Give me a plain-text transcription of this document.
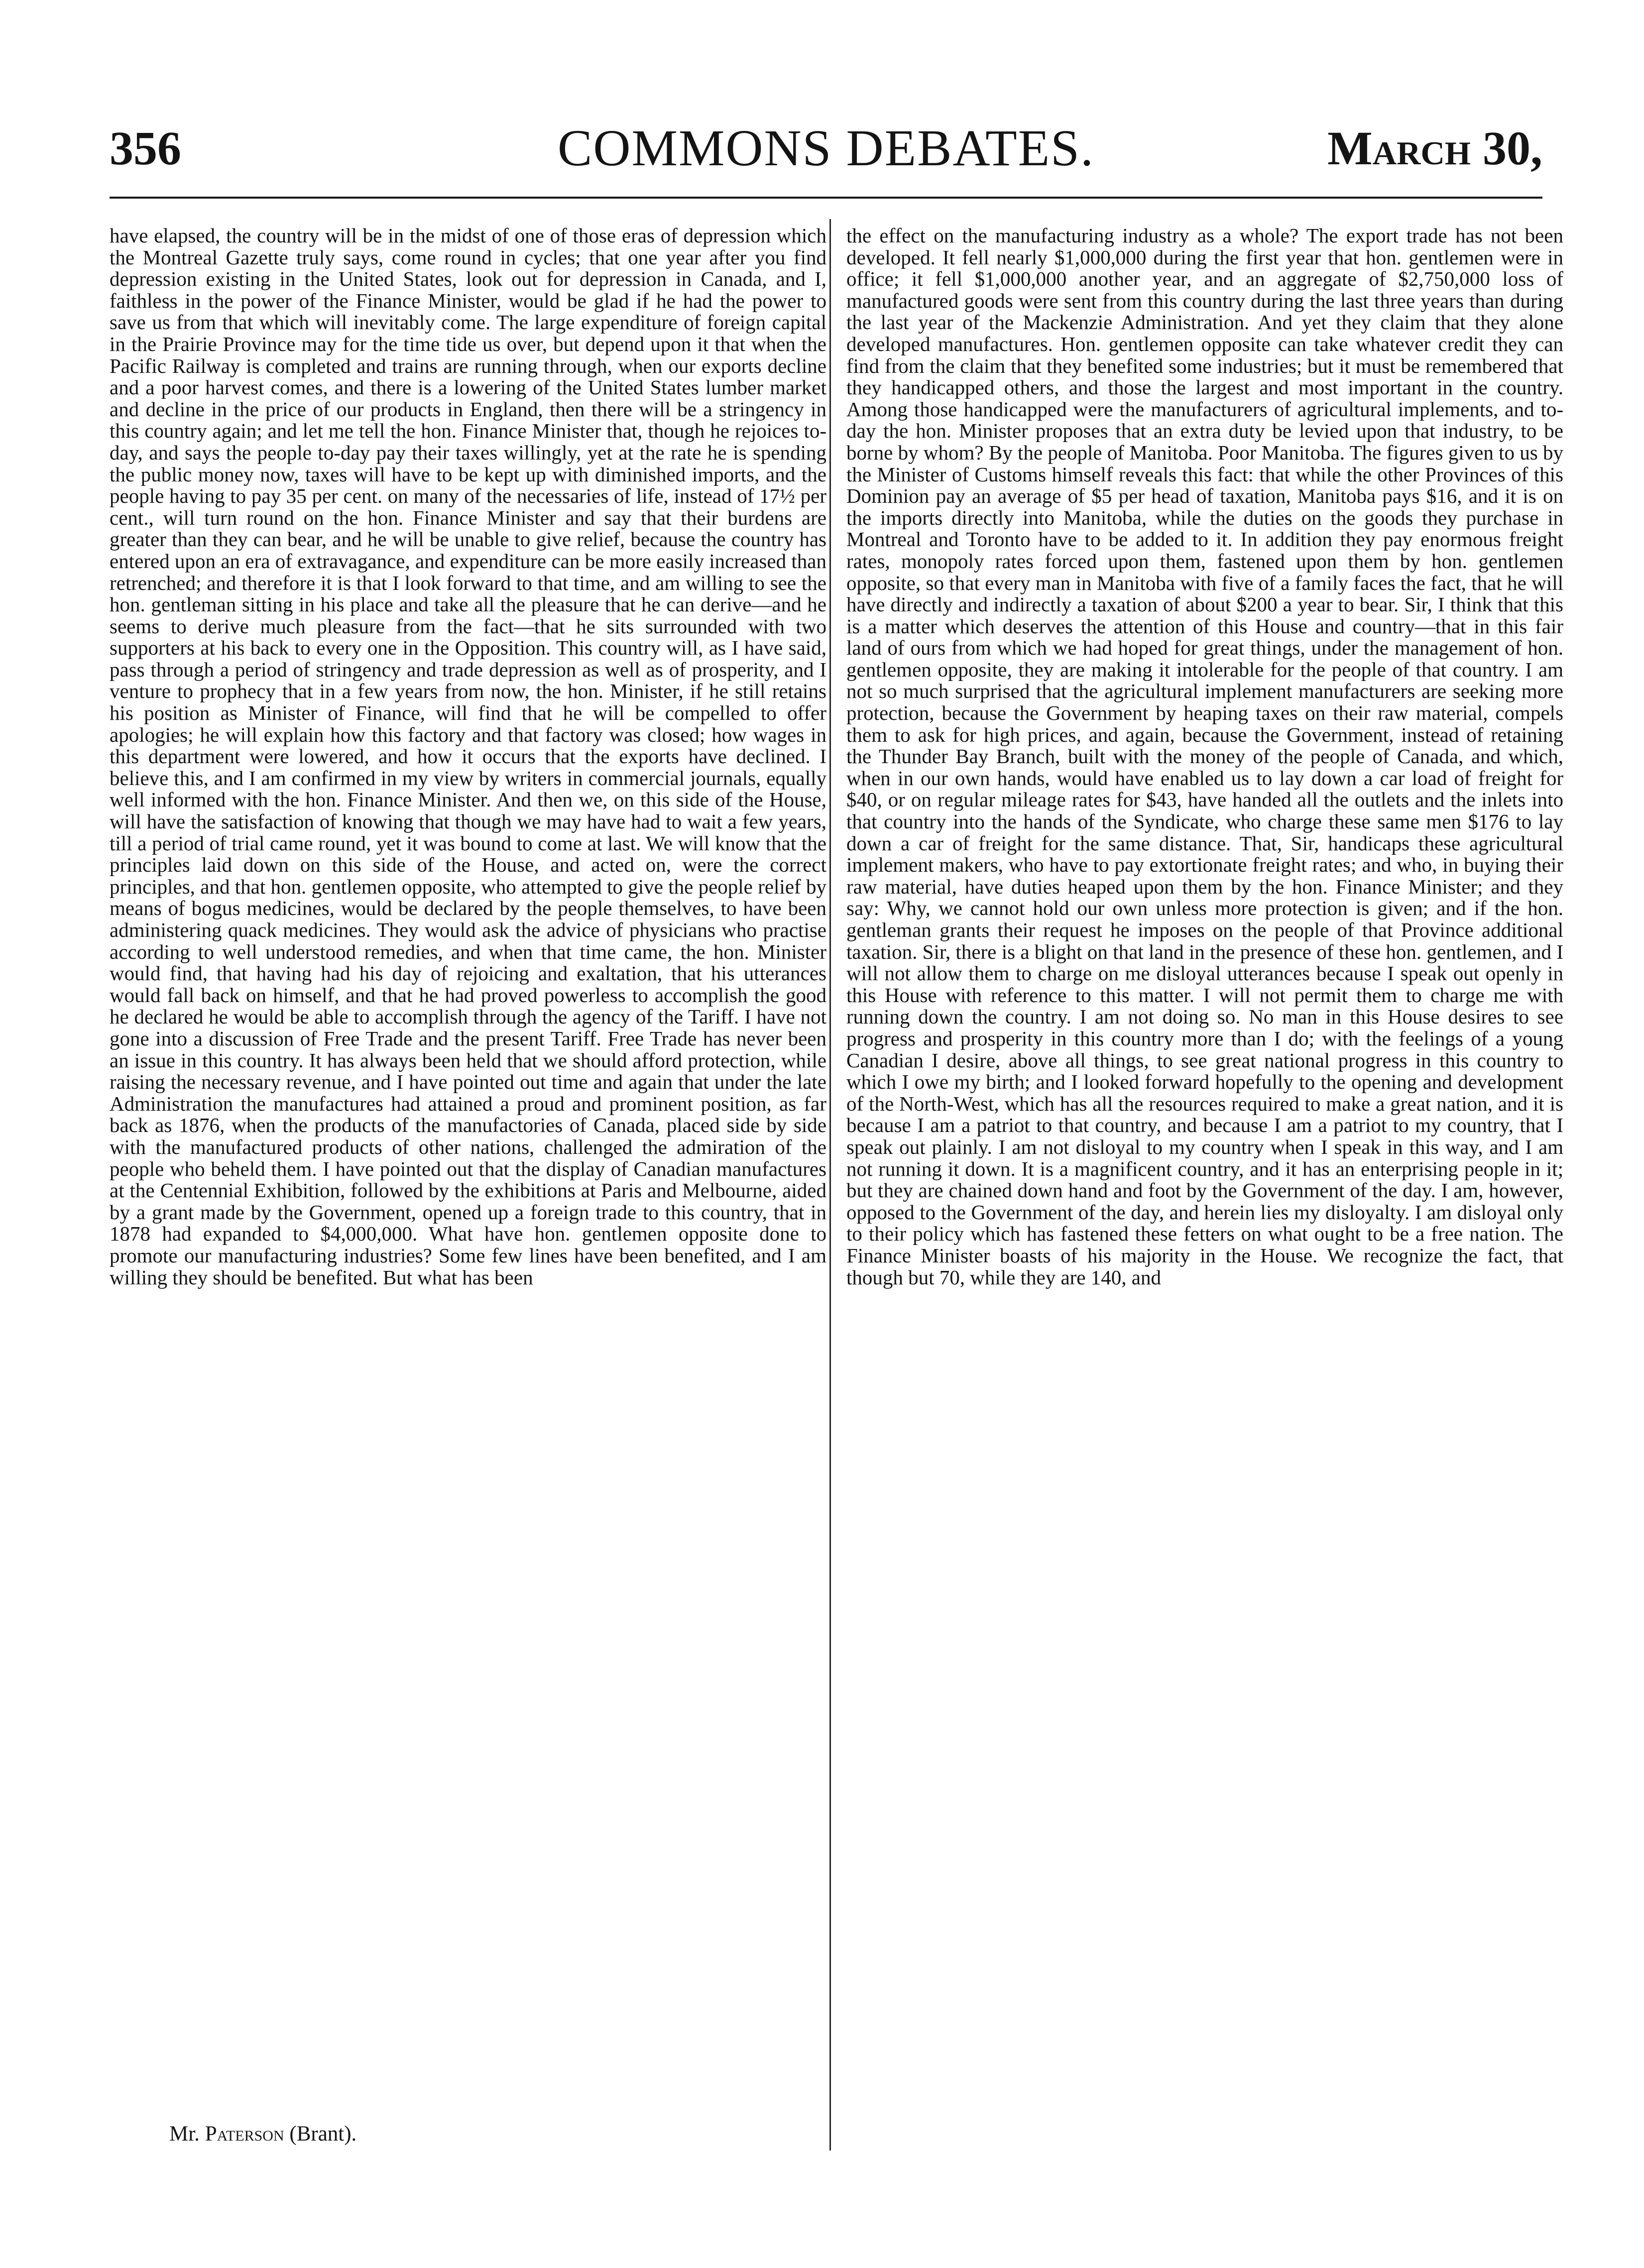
356	COMMONS DEBATES.	March 30,

have elapsed, the country will be in the midst of one of those eras of depression which the Montreal Gazette truly says, come round in cycles; that one year after you find depression existing in the United States, look out for depression in Canada, and I, faithless in the power of the Finance Minister, would be glad if he had the power to save us from that which will inevitably come. The large expenditure of foreign capital in the Prairie Province may for the time tide us over, but depend upon it that when the Pacific Railway is completed and trains are running through, when our exports decline and a poor harvest comes, and there is a lowering of the United States lumber market and decline in the price of our products in England, then there will be a stringency in this country again; and let me tell the hon. Finance Minister that, though he rejoices to-day, and says the people to-day pay their taxes willingly, yet at the rate he is spending the public money now, taxes will have to be kept up with diminished imports, and the people having to pay 35 per cent. on many of the necessaries of life, instead of 17½ per cent., will turn round on the hon. Finance Minister and say that their burdens are greater than they can bear, and he will be unable to give relief, because the country has entered upon an era of extravagance, and expenditure can be more easily increased than retrenched; and therefore it is that I look forward to that time, and am willing to see the hon. gentleman sitting in his place and take all the pleasure that he can derive—and he seems to derive much pleasure from the fact—that he sits surrounded with two supporters at his back to every one in the Opposition. This country will, as I have said, pass through a period of stringency and trade depression as well as of prosperity, and I venture to prophecy that in a few years from now, the hon. Minister, if he still retains his position as Minister of Finance, will find that he will be compelled to offer apologies; he will explain how this factory and that factory was closed; how wages in this department were lowered, and how it occurs that the exports have declined. I believe this, and I am confirmed in my view by writers in commercial journals, equally well informed with the hon. Finance Minister. And then we, on this side of the House, will have the satisfaction of knowing that though we may have had to wait a few years, till a period of trial came round, yet it was bound to come at last. We will know that the principles laid down on this side of the House, and acted on, were the correct principles, and that hon. gentlemen opposite, who attempted to give the people relief by means of bogus medicines, would be declared by the people themselves, to have been administering quack medicines. They would ask the advice of physicians who practise according to well understood remedies, and when that time came, the hon. Minister would find, that having had his day of rejoicing and exaltation, that his utterances would fall back on himself, and that he had proved powerless to accomplish the good he declared he would be able to accomplish through the agency of the Tariff. I have not gone into a discussion of Free Trade and the present Tariff. Free Trade has never been an issue in this country. It has always been held that we should afford protection, while raising the necessary revenue, and I have pointed out time and again that under the late Administration the manufactures had attained a proud and prominent position, as far back as 1876, when the products of the manufactories of Canada, placed side by side with the manufactured products of other nations, challenged the admiration of the people who beheld them. I have pointed out that the display of Canadian manufactures at the Centennial Exhibition, followed by the exhibitions at Paris and Melbourne, aided by a grant made by the Government, opened up a foreign trade to this country, that in 1878 had expanded to $4,000,000. What have hon. gentlemen opposite done to promote our manufacturing industries? Some few lines have been benefited, and I am willing they should be benefited. But what has been

the effect on the manufacturing industry as a whole? The export trade has not been developed. It fell nearly $1,000,000 during the first year that hon. gentlemen were in office; it fell $1,000,000 another year, and an aggregate of $2,750,000 loss of manufactured goods were sent from this country during the last three years than during the last year of the Mackenzie Administration. And yet they claim that they alone developed manufactures. Hon. gentlemen opposite can take whatever credit they can find from the claim that they benefited some industries; but it must be remembered that they handicapped others, and those the largest and most important in the country. Among those handicapped were the manufacturers of agricultural implements, and to-day the hon. Minister proposes that an extra duty be levied upon that industry, to be borne by whom? By the people of Manitoba. Poor Manitoba. The figures given to us by the Minister of Customs himself reveals this fact: that while the other Provinces of this Dominion pay an average of $5 per head of taxation, Manitoba pays $16, and it is on the imports directly into Manitoba, while the duties on the goods they purchase in Montreal and Toronto have to be added to it. In addition they pay enormous freight rates, monopoly rates forced upon them, fastened upon them by hon. gentlemen opposite, so that every man in Manitoba with five of a family faces the fact, that he will have directly and indirectly a taxation of about $200 a year to bear. Sir, I think that this is a matter which deserves the attention of this House and country—that in this fair land of ours from which we had hoped for great things, under the management of hon. gentlemen opposite, they are making it intolerable for the people of that country. I am not so much surprised that the agricultural implement manufacturers are seeking more protection, because the Government by heaping taxes on their raw material, compels them to ask for high prices, and again, because the Government, instead of retaining the Thunder Bay Branch, built with the money of the people of Canada, and which, when in our own hands, would have enabled us to lay down a car load of freight for $40, or on regular mileage rates for $43, have handed all the outlets and the inlets into that country into the hands of the Syndicate, who charge these same men $176 to lay down a car of freight for the same distance. That, Sir, handicaps these agricultural implement makers, who have to pay extortionate freight rates; and who, in buying their raw material, have duties heaped upon them by the hon. Finance Minister; and they say: Why, we cannot hold our own unless more protection is given; and if the hon. gentleman grants their request he imposes on the people of that Province additional taxation. Sir, there is a blight on that land in the presence of these hon. gentlemen, and I will not allow them to charge on me disloyal utterances because I speak out openly in this House with reference to this matter. I will not permit them to charge me with running down the country. I am not doing so. No man in this House desires to see progress and prosperity in this country more than I do; with the feelings of a young Canadian I desire, above all things, to see great national progress in this country to which I owe my birth; and I looked forward hopefully to the opening and development of the North-West, which has all the resources required to make a great nation, and it is because I am a patriot to that country, and because I am a patriot to my country, that I speak out plainly. I am not disloyal to my country when I speak in this way, and I am not running it down. It is a magnificent country, and it has an enterprising people in it; but they are chained down hand and foot by the Government of the day. I am, however, opposed to the Government of the day, and herein lies my disloyalty. I am disloyal only to their policy which has fastened these fetters on what ought to be a free nation. The Finance Minister boasts of his majority in the House. We recognize the fact, that though but 70, while they are 140, and

Mr. Paterson (Brant).
